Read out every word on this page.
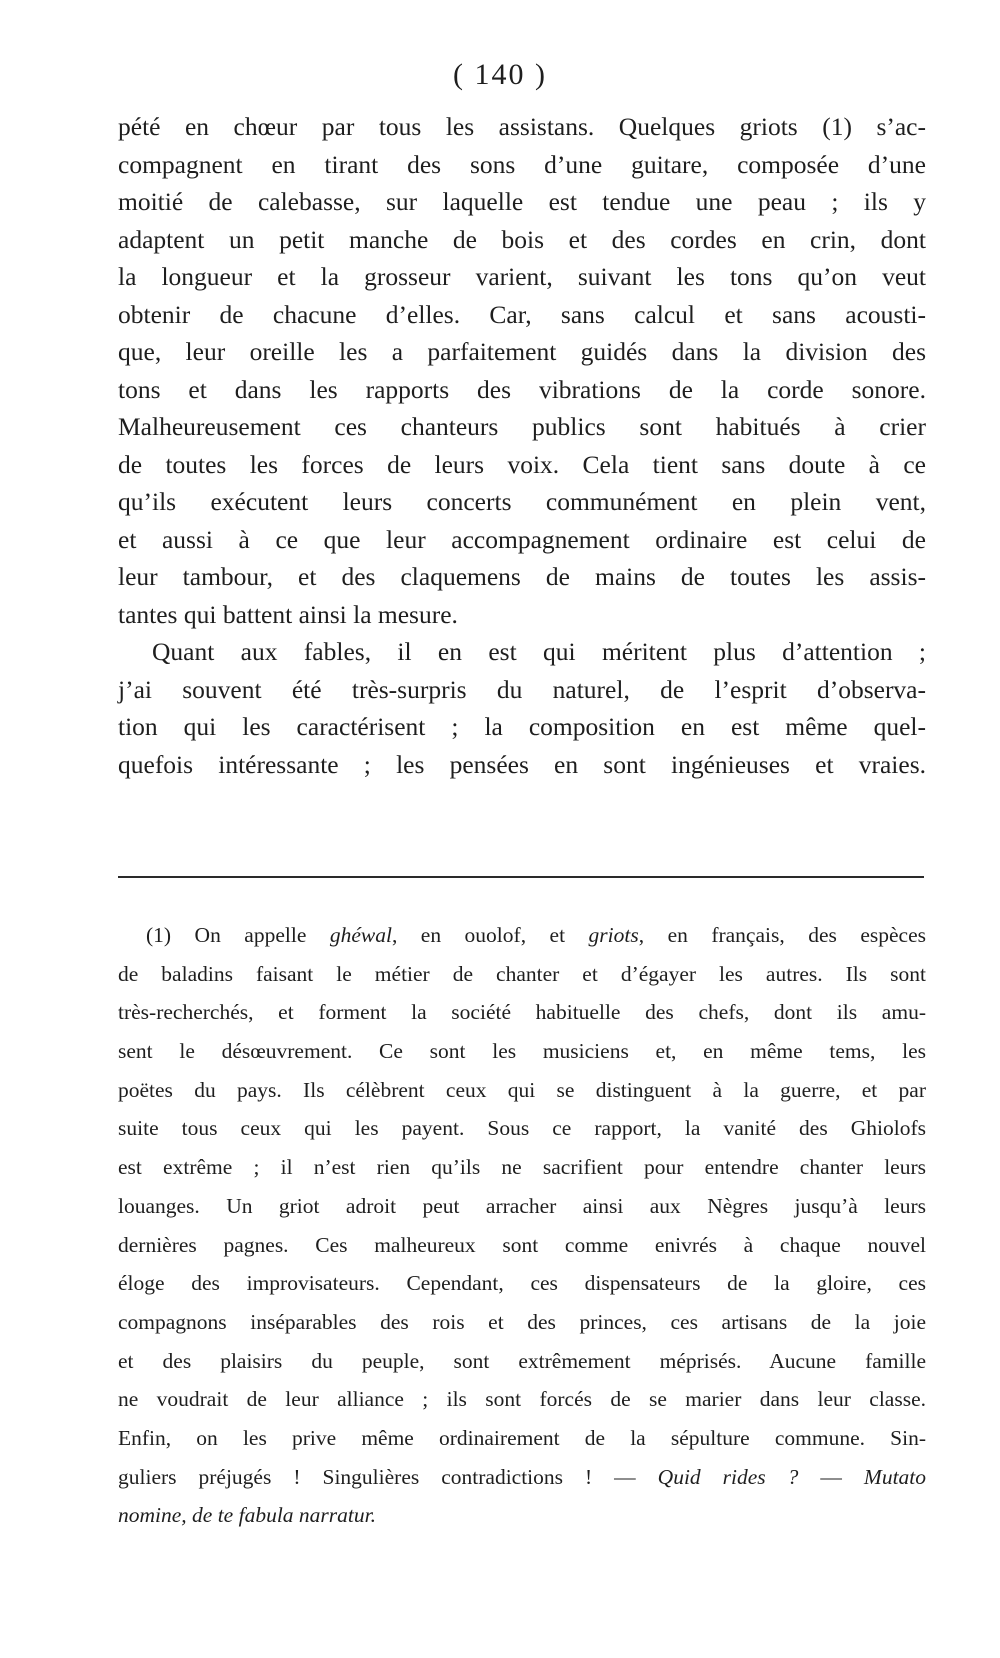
( 140 )
pété en chœur par tous les assistans. Quelques griots (1) s’ac-
compagnent en tirant des sons d’une guitare, composée d’une
moitié de calebasse, sur laquelle est tendue une peau ; ils y
adaptent un petit manche de bois et des cordes en crin, dont
la longueur et la grosseur varient, suivant les tons qu’on veut
obtenir de chacune d’elles. Car, sans calcul et sans acousti-
que, leur oreille les a parfaitement guidés dans la division des
tons et dans les rapports des vibrations de la corde sonore.
Malheureusement ces chanteurs publics sont habitués à crier
de toutes les forces de leurs voix. Cela tient sans doute à ce
qu’ils exécutent leurs concerts communément en plein vent,
et aussi à ce que leur accompagnement ordinaire est celui de
leur tambour, et des claquemens de mains de toutes les assis-
tantes qui battent ainsi la mesure.
Quant aux fables, il en est qui méritent plus d’attention ;
j’ai souvent été très-surpris du naturel, de l’esprit d’observa-
tion qui les caractérisent ; la composition en est même quel-
quefois intéressante ; les pensées en sont ingénieuses et vraies.
(1) On appelle ghéwal, en ouolof, et griots, en français, des espèces
de baladins faisant le métier de chanter et d’égayer les autres. Ils sont
très-recherchés, et forment la société habituelle des chefs, dont ils amu-
sent le désœuvrement. Ce sont les musiciens et, en même tems, les
poëtes du pays. Ils célèbrent ceux qui se distinguent à la guerre, et par
suite tous ceux qui les payent. Sous ce rapport, la vanité des Ghiolofs
est extrême ; il n’est rien qu’ils ne sacrifient pour entendre chanter leurs
louanges. Un griot adroit peut arracher ainsi aux Nègres jusqu’à leurs
dernières pagnes. Ces malheureux sont comme enivrés à chaque nouvel
éloge des improvisateurs. Cependant, ces dispensateurs de la gloire, ces
compagnons inséparables des rois et des princes, ces artisans de la joie
et des plaisirs du peuple, sont extrêmement méprisés. Aucune famille
ne voudrait de leur alliance ; ils sont forcés de se marier dans leur classe.
Enfin, on les prive même ordinairement de la sépulture commune. Sin-
guliers préjugés ! Singulières contradictions ! — Quid rides ? — Mutato
nomine, de te fabula narratur.
